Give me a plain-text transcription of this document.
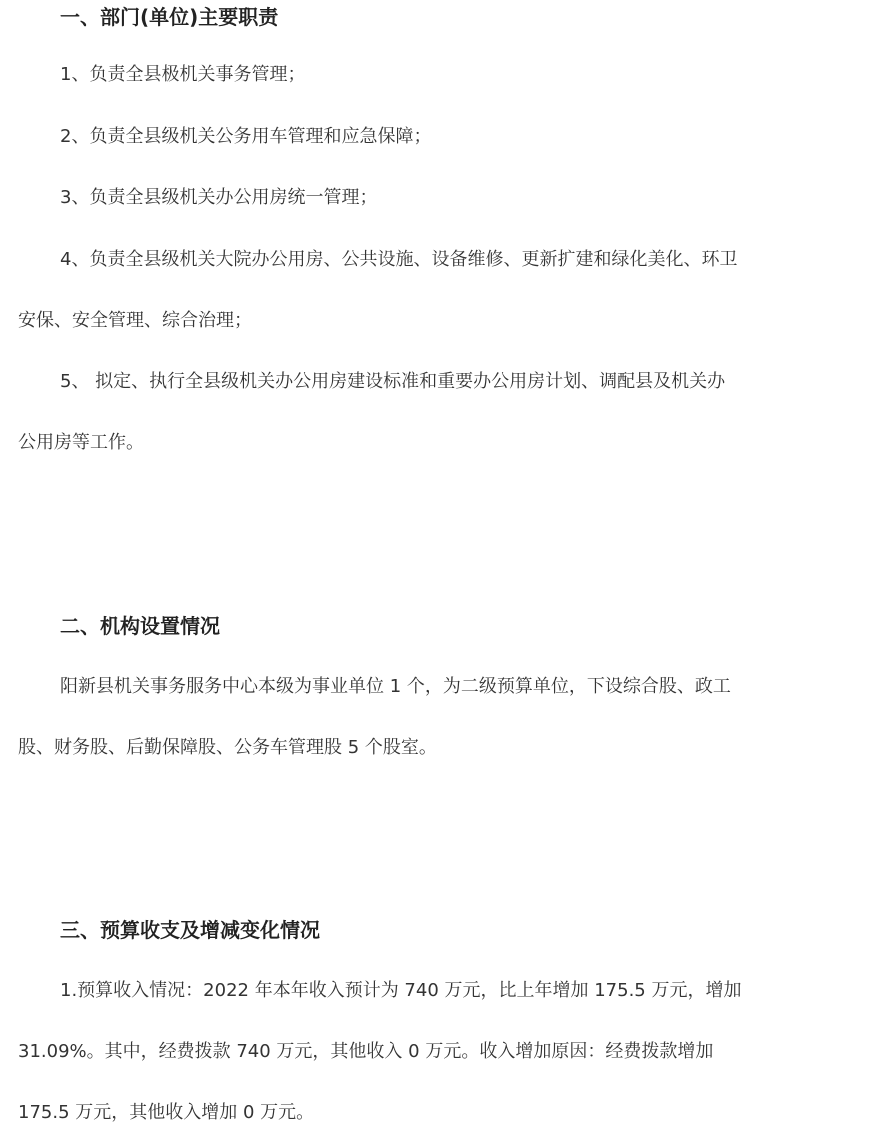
一、部门(单位)主要职责
1、负责全县极机关事务管理；
2、负责全县级机关公务用车管理和应急保障；
3、负责全县级机关办公用房统一管理；
4、负责全县级机关大院办公用房、公共设施、设备维修、更新扩建和绿化美化、环卫
安保、安全管理、综合治理；
5、 拟定、执行全县级机关办公用房建设标准和重要办公用房计划、调配县及机关办
公用房等工作。
二、机构设置情况
阳新县机关事务服务中心本级为事业单位 1 个，为二级预算单位，下设综合股、政工
股、财务股、后勤保障股、公务车管理股 5 个股室。
三、预算收支及增减变化情况
1.预算收入情况：2022 年本年收入预计为 740 万元，比上年增加 175.5 万元，增加
31.09%。其中，经费拨款 740 万元，其他收入 0 万元。收入增加原因：经费拨款增加
175.5 万元，其他收入增加 0 万元。
